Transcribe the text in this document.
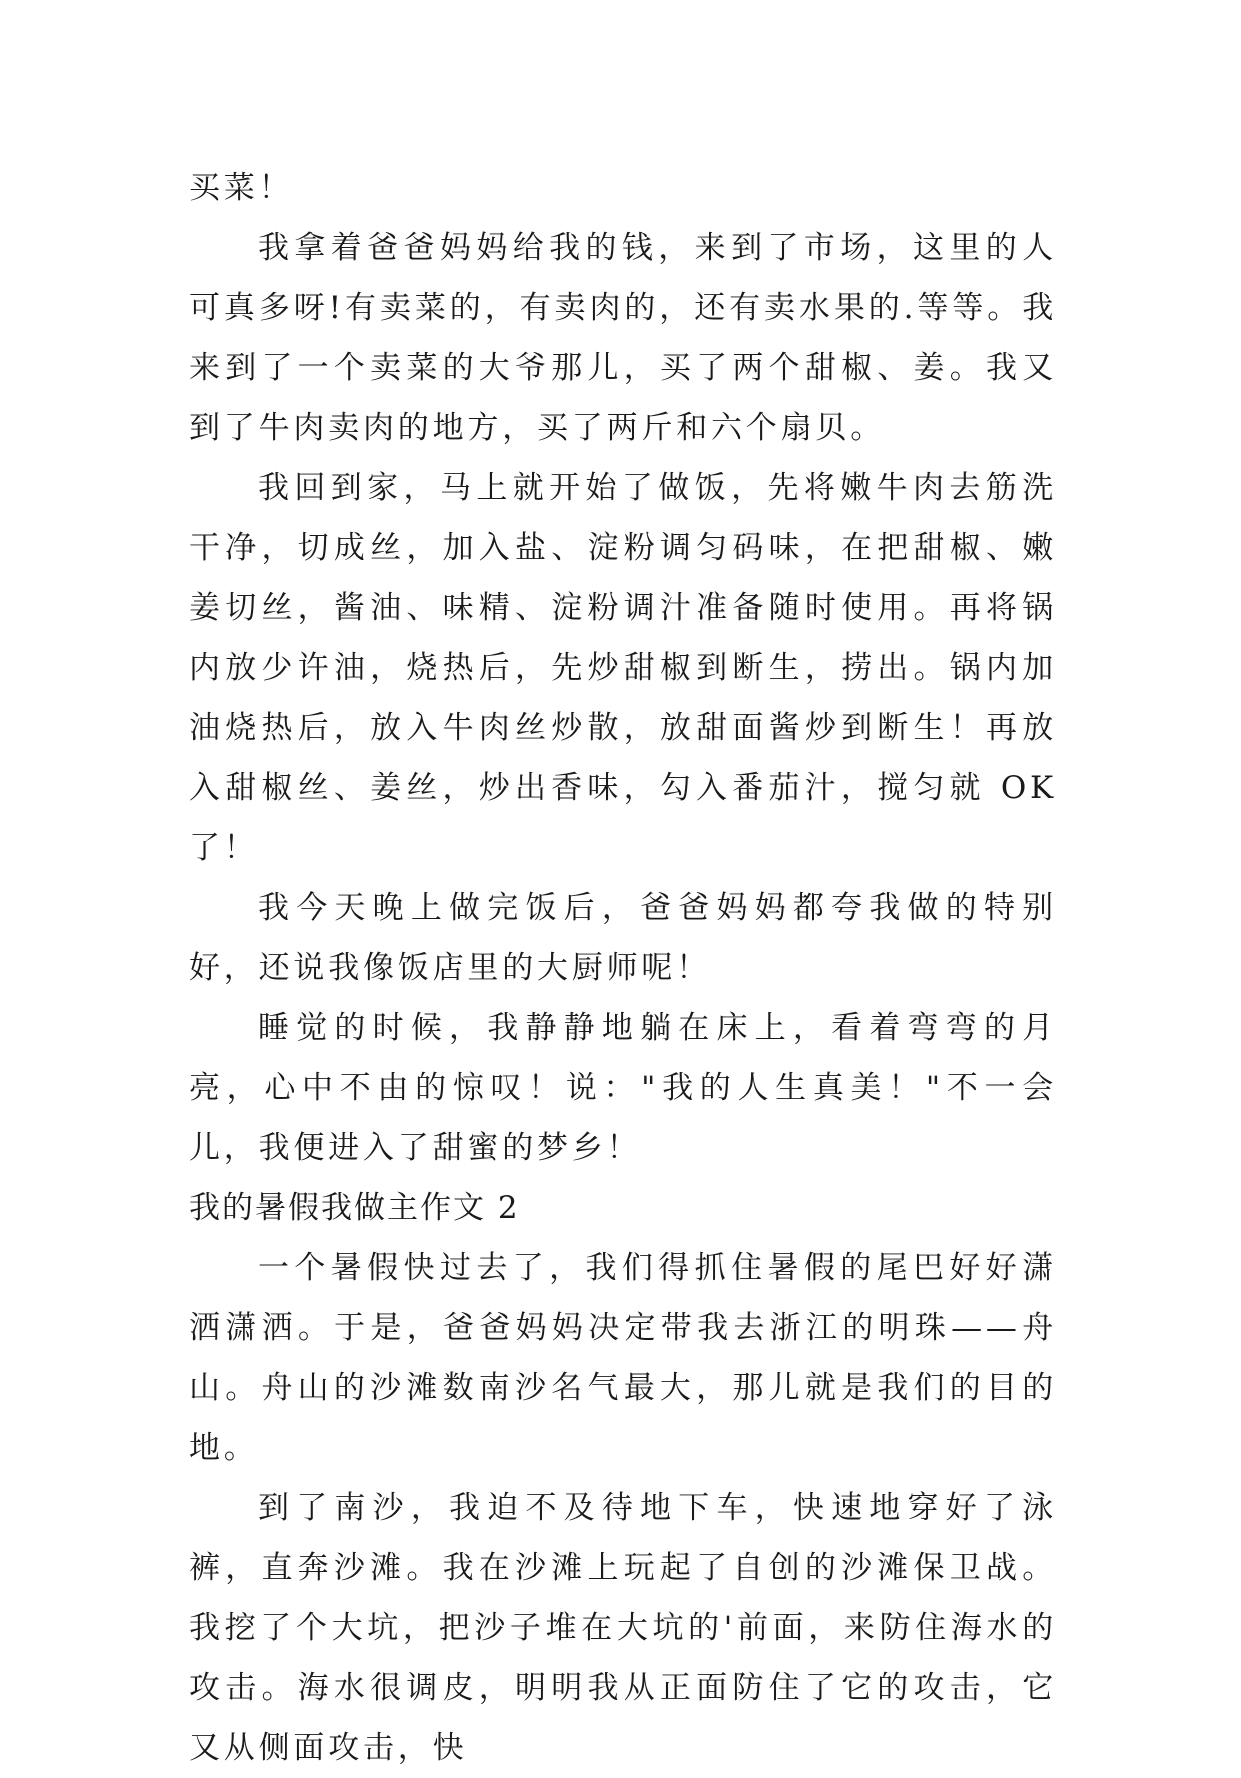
买菜！

我拿着爸爸妈妈给我的钱，来到了市场，这里的人可真多呀!有卖菜的，有卖肉的，还有卖水果的.等等。我来到了一个卖菜的大爷那儿，买了两个甜椒、姜。我又到了牛肉卖肉的地方，买了两斤和六个扇贝。

我回到家，马上就开始了做饭，先将嫩牛肉去筋洗干净，切成丝，加入盐、淀粉调匀码味，在把甜椒、嫩姜切丝，酱油、味精、淀粉调汁准备随时使用。再将锅内放少许油，烧热后，先炒甜椒到断生，捞出。锅内加油烧热后，放入牛肉丝炒散，放甜面酱炒到断生！再放入甜椒丝、姜丝，炒出香味，勾入番茄汁，搅匀就 OK 了！

我今天晚上做完饭后，爸爸妈妈都夸我做的特别好，还说我像饭店里的大厨师呢！

睡觉的时候，我静静地躺在床上，看着弯弯的月亮，心中不由的惊叹！说："我的人生真美！"不一会儿，我便进入了甜蜜的梦乡！

我的暑假我做主作文 2

一个暑假快过去了，我们得抓住暑假的尾巴好好潇洒潇洒。于是，爸爸妈妈决定带我去浙江的明珠——舟山。舟山的沙滩数南沙名气最大，那儿就是我们的目的地。

到了南沙，我迫不及待地下车，快速地穿好了泳裤，直奔沙滩。我在沙滩上玩起了自创的沙滩保卫战。我挖了个大坑，把沙子堆在大坑的'前面，来防住海水的攻击。海水很调皮，明明我从正面防住了它的攻击，它又从侧面攻击，快
